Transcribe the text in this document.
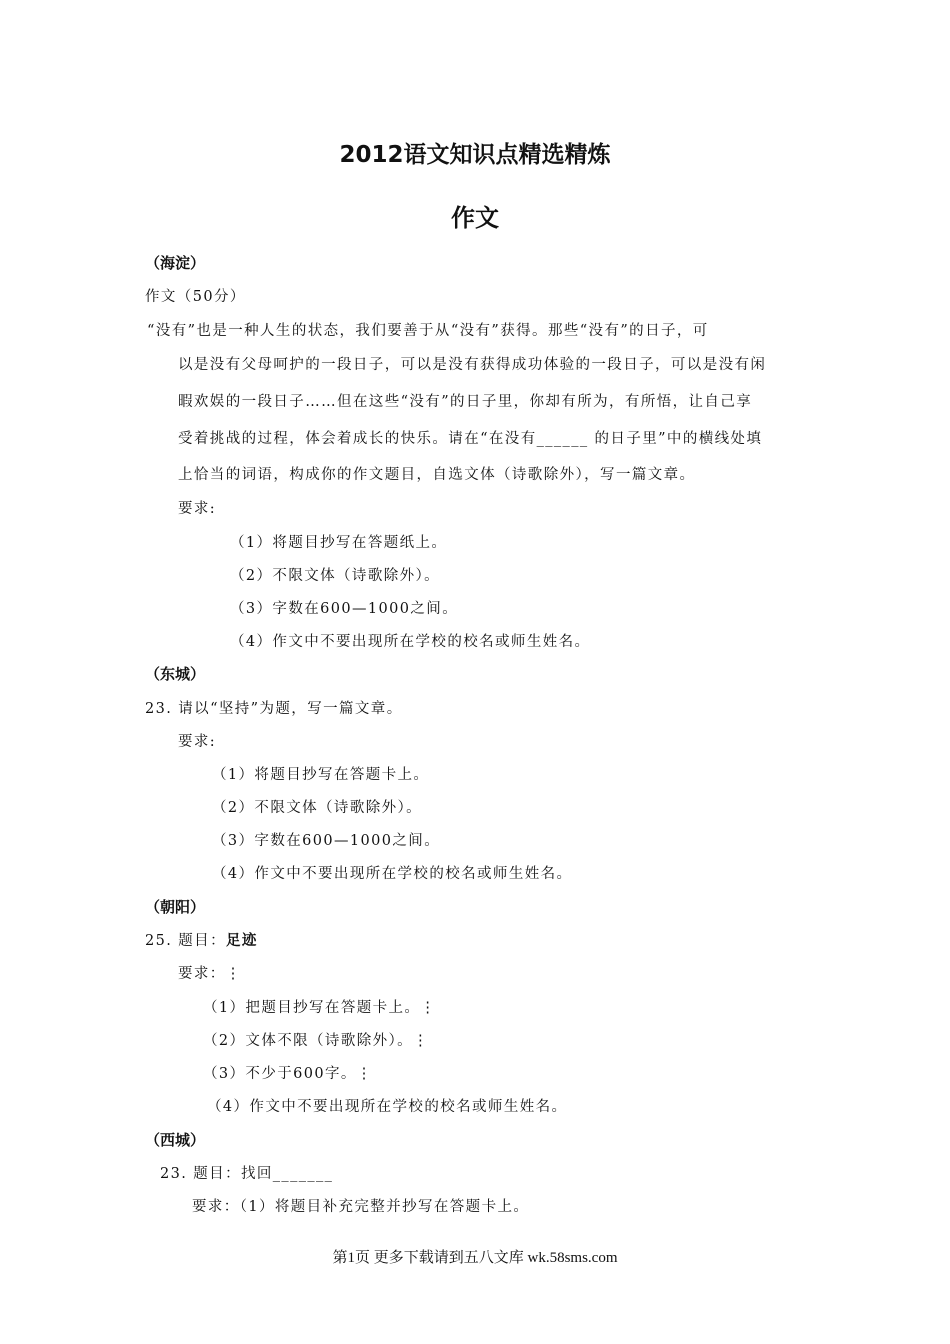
2012语文知识点精选精炼
作文
（海淀）
作文（50分）
“没有”也是一种人生的状态，我们要善于从“没有”获得。那些“没有”的日子，可
以是没有父母呵护的一段日子，可以是没有获得成功体验的一段日子，可以是没有闲
暇欢娱的一段日子……但在这些“没有”的日子里，你却有所为，有所悟，让自己享
受着挑战的过程，体会着成长的快乐。请在“在没有______ 的日子里”中的横线处填
上恰当的词语，构成你的作文题目，自选文体（诗歌除外），写一篇文章。
要求:
（1）将题目抄写在答题纸上。
（2）不限文体（诗歌除外）。
（3）字数在600—1000之间。
（4）作文中不要出现所在学校的校名或师生姓名。
（东城）
23. 请以“坚持”为题，写一篇文章。
要求:
（1）将题目抄写在答题卡上。
（2）不限文体（诗歌除外）。
（3）字数在600—1000之间。
（4）作文中不要出现所在学校的校名或师生姓名。
（朝阳）
25. 题目：足迹
要求：⋮
（1）把题目抄写在答题卡上。⋮
（2）文体不限（诗歌除外）。⋮
（3）不少于600字。⋮
（4）作文中不要出现所在学校的校名或师生姓名。
（西城）
23. 题目：找回_______
要求：（1）将题目补充完整并抄写在答题卡上。
第1页 更多下载请到五八文库 wk.58sms.com
